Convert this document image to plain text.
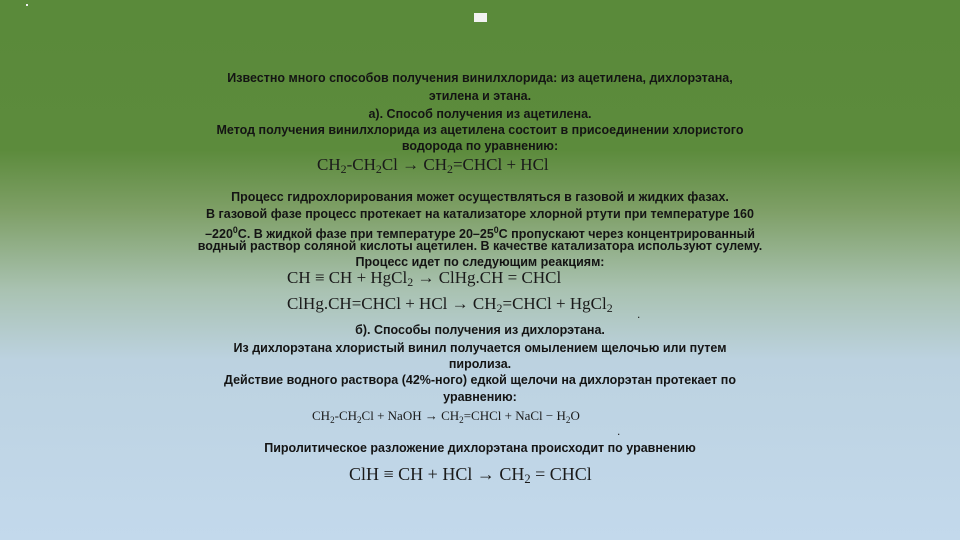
Известно много способов получения винилхлорида: из ацетилена, дихлорэтана,
этилена и этана.
а). Способ получения из ацетилена.
Метод получения винилхлорида из ацетилена состоит в присоединении хлористого
водорода по уравнению:
$CH_2-CH_2Cl$ → $CH_2=CHCl$ + HCl
Процесс гидрохлорирования может осуществляться в газовой и жидких фазах.
В газовой фазе процесс протекает на катализаторе хлорной ртути при температуре 160
$-220^0С$. В жидкой фазе при температуре $20-25^0С$ пропускают через концентрированный
водный раствор соляной кислоты ацетилен. В качестве катализатора используют сулему.
Процесс идет по следующим реакциям:
CH ≡ CH + HgCl$_2$ → ClHg.CH = CHCl
ClHg.CH=CHCl + HCl → $CH_2=CHCl$ + HgCl$_2$ .
б). Способы получения из дихлорэтана.
Из дихлорэтана хлористый винил получается омылением щелочью или путем
пиролиза.
Действие водного раствора (42%-ного) едкой щелочи на дихлорэтан протекает по
уравнению:
$CH_2-CH_2Cl$ + NaOH → $CH_2=CHCl$ + NaCl − $H_2O$
.
Пиролитическое разложение дихлорэтана происходит по уравнению
ClH ≡ CH + HCl → $CH_2$ = CHCl
